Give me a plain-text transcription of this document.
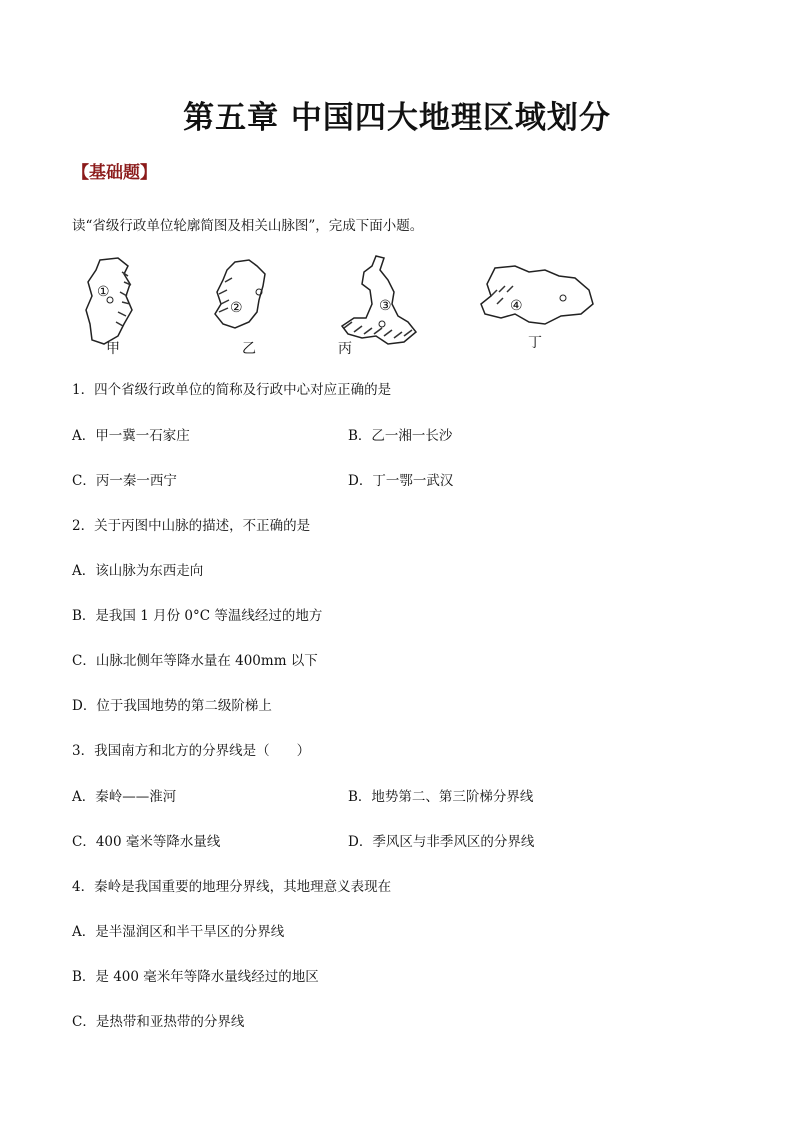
第五章 中国四大地理区域划分
【基础题】
读“省级行政单位轮廓简图及相关山脉图”，完成下面小题。
①
甲
②
乙
③
丙
④
丁
1．四个省级行政单位的简称及行政中心对应正确的是
A．甲一冀一石家庄	B．乙一湘一长沙
C．丙一秦一西宁	D．丁一鄂一武汉
2．关于丙图中山脉的描述，不正确的是
A．该山脉为东西走向
B．是我国 1 月份 0°C 等温线经过的地方
C．山脉北侧年等降水量在 400mm 以下
D．位于我国地势的第二级阶梯上
3．我国南方和北方的分界线是（　　）
A．秦岭——淮河	B．地势第二、第三阶梯分界线
C．400 毫米等降水量线	D．季风区与非季风区的分界线
4．秦岭是我国重要的地理分界线，其地理意义表现在
A．是半湿润区和半干旱区的分界线
B．是 400 毫米年等降水量线经过的地区
C．是热带和亚热带的分界线
